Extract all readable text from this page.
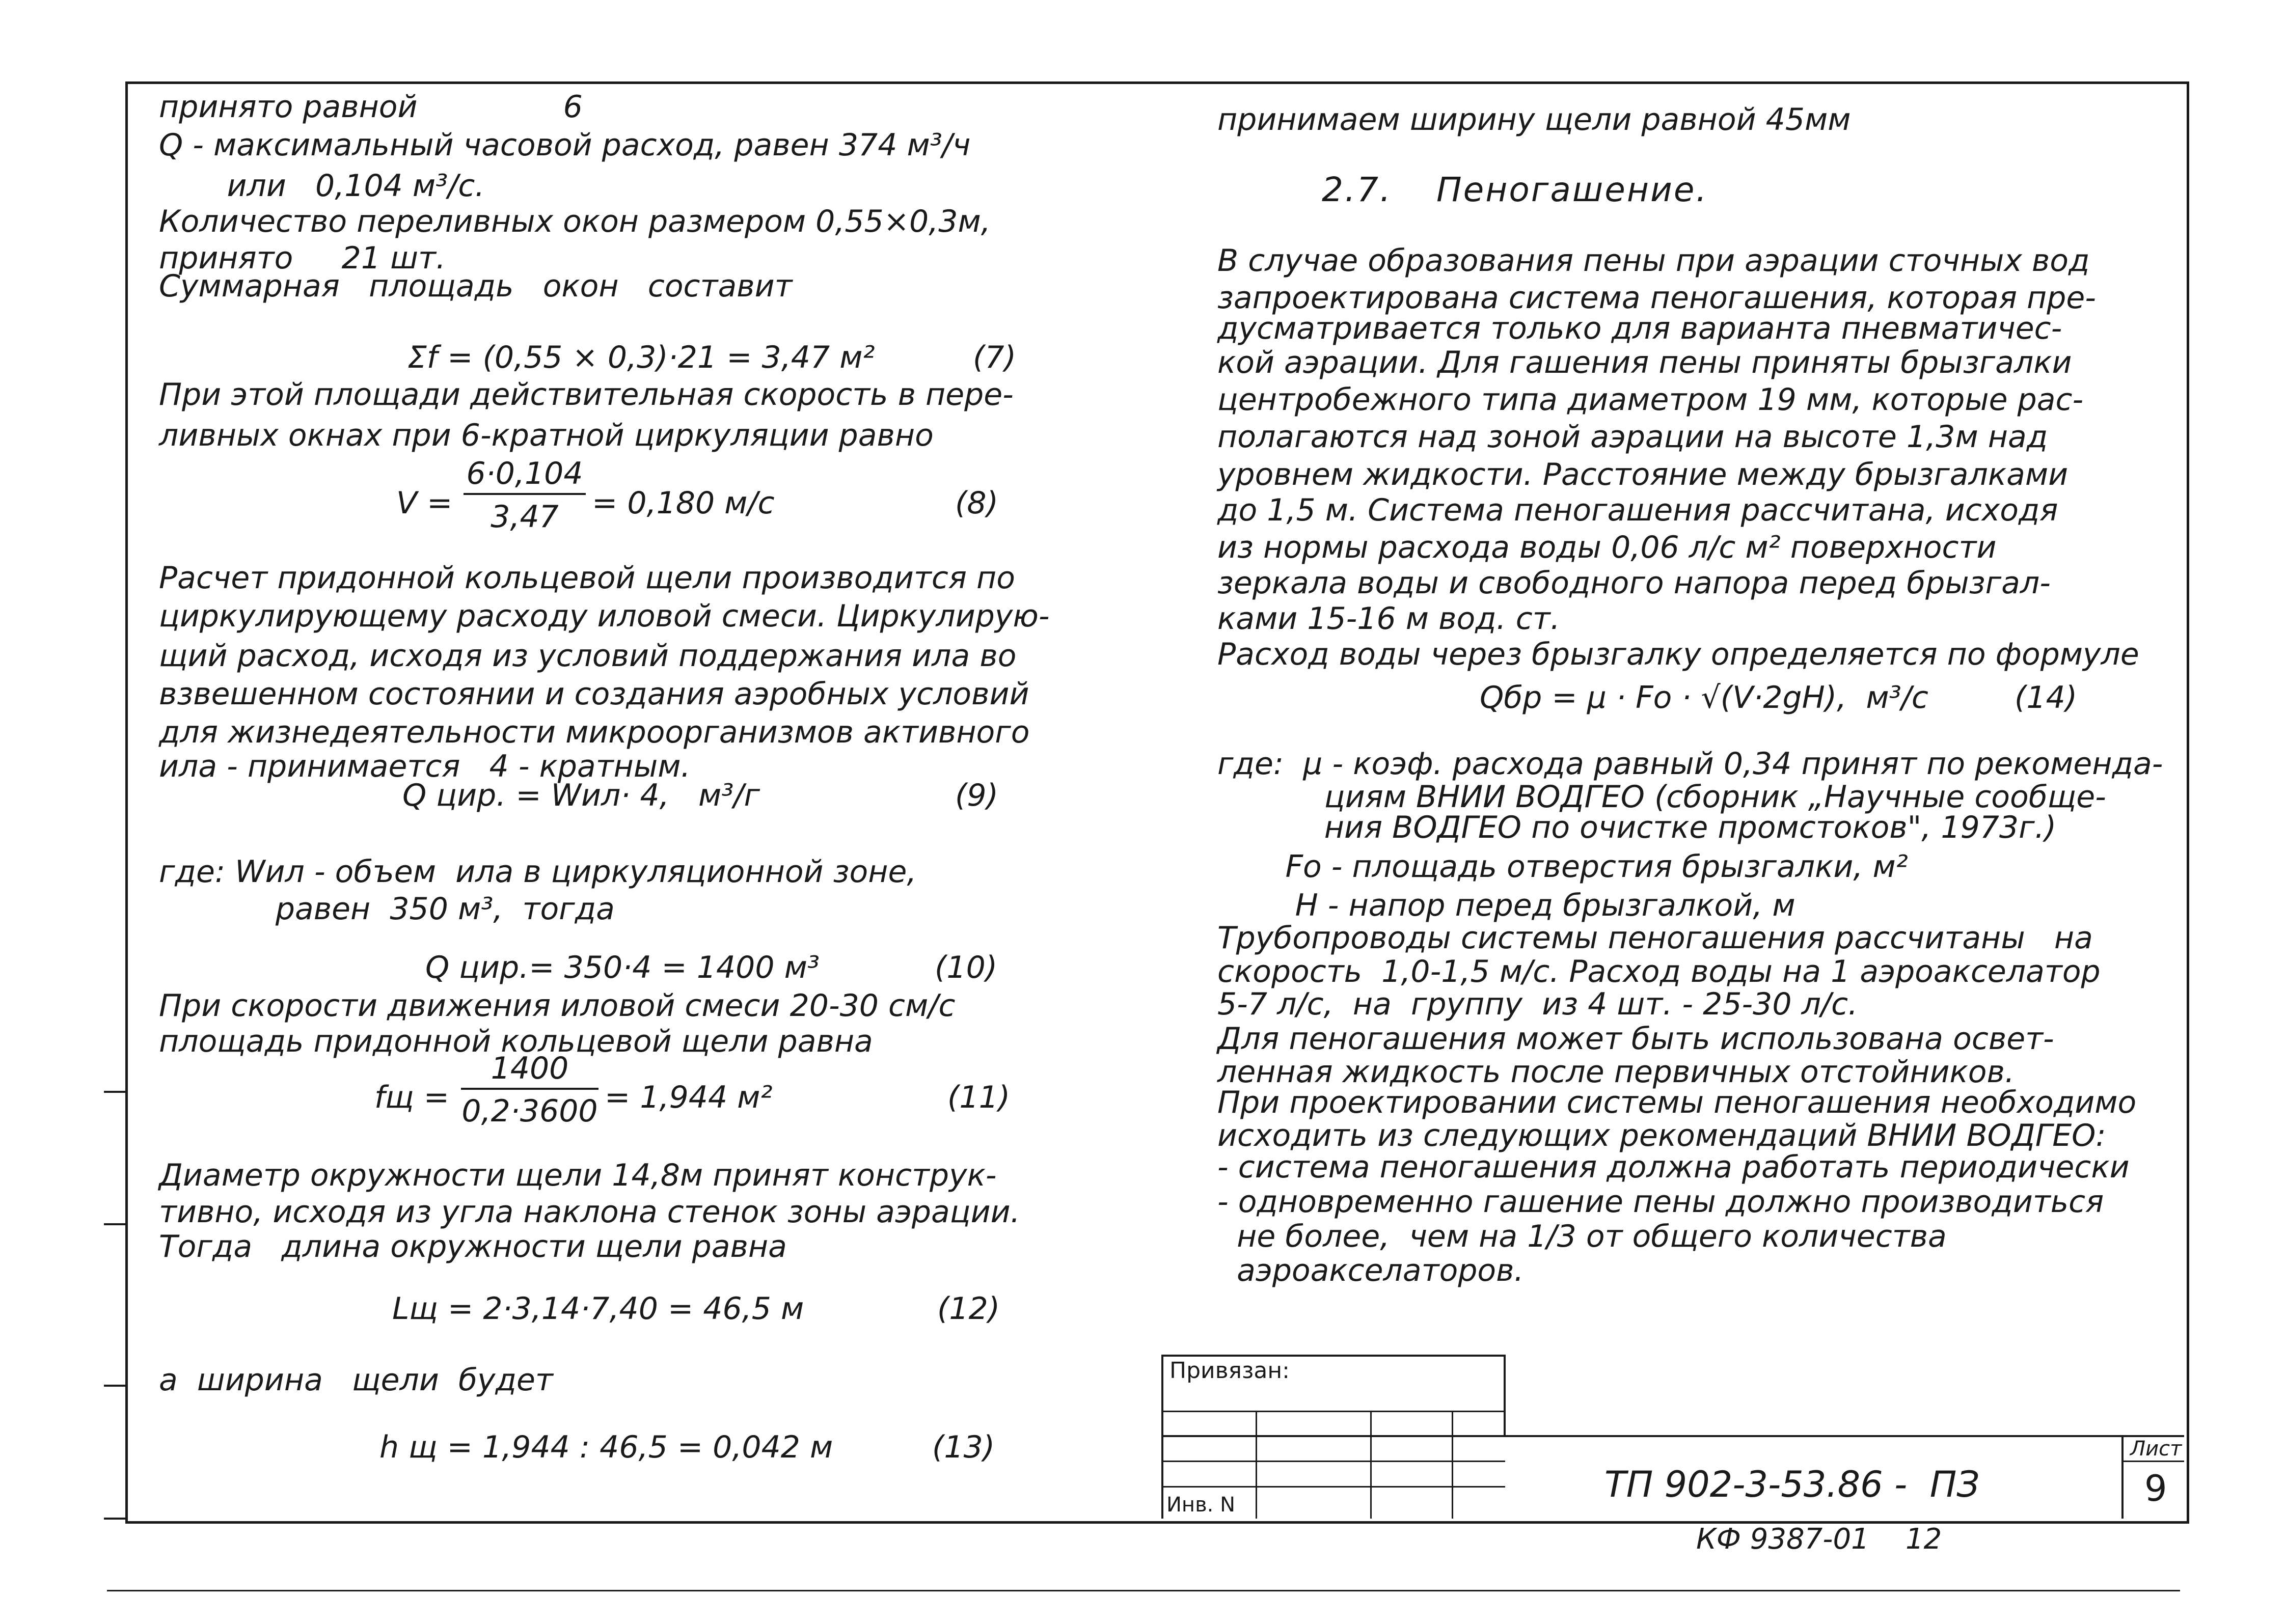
принято равной               6
Q - максимальный часовой расход, равен 374 м³/ч
или   0,104 м³/с.
Количество переливных окон размером 0,55×0,3м,
принято     21 шт.
Суммарная   площадь   окон   составит
Σf = (0,55 × 0,3)·21 = 3,47 м²	(7)
При этой площади действительная скорость в пере-
ливных окнах при 6-кратной циркуляции равно
V =
6·0,104
3,47	= 0,180 м/с	(8)
Расчет придонной кольцевой щели производится по
циркулирующему расходу иловой смеси. Циркулирую-
щий расход, исходя из условий поддержания ила во
взвешенном состоянии и создания аэробных условий
для жизнедеятельности микроорганизмов активного
ила - принимается   4 - кратным.
Q цир. = Wил· 4,   м³/г	(9)
где: Wил - объем  ила в циркуляционной зоне,
равен  350 м³,  тогда
Q цир.= 350·4 = 1400 м³	(10)
При скорости движения иловой смеси 20-30 см/с
площадь придонной кольцевой щели равна
fщ =
1400
0,2·3600 = 1,944 м²	(11)
Диаметр окружности щели 14,8м принят конструк-
тивно, исходя из угла наклона стенок зоны аэрации.
Тогда   длина окружности щели равна
Lщ = 2·3,14·7,40 = 46,5 м	(12)
а  ширина   щели  будет
h щ = 1,944 : 46,5 = 0,042 м	(13)
принимаем ширину щели равной 45мм
2.7. Пеногашение.
В случае образования пены при аэрации сточных вод
запроектирована система пеногашения, которая пре-
дусматривается только для варианта пневматичес-
кой аэрации. Для гашения пены приняты брызгалки
центробежного типа диаметром 19 мм, которые рас-
полагаются над зоной аэрации на высоте 1,3м над
уровнем жидкости. Расстояние между брызгалками
до 1,5 м. Система пеногашения рассчитана, исходя
из нормы расхода воды 0,06 л/с м² поверхности
зеркала воды и свободного напора перед брызгал-
ками 15-16 м вод. ст.
Расход воды через брызгалку определяется по формуле
Qбр = μ · Fo · √(V·2gH),  м³/с	(14)
где:  μ - коэф. расхода равный 0,34 принят по рекоменда-
циям ВНИИ ВОДГЕО (сборник „Научные сообще-
ния ВОДГЕО по очистке промстоков", 1973г.)
Fo - площадь отверстия брызгалки, м²
Н - напор перед брызгалкой, м
Трубопроводы системы пеногашения рассчитаны   на
скорость  1,0-1,5 м/с. Расход воды на 1 аэроакселатор
5-7 л/с,  на  группу  из 4 шт. - 25-30 л/с.
Для пеногашения может быть использована освет-
ленная жидкость после первичных отстойников.
При проектировании системы пеногашения необходимо
исходить из следующих рекомендаций ВНИИ ВОДГЕО:
- система пеногашения должна работать периодически
- одновременно гашение пены должно производиться
не более,  чем на 1/3 от общего количества
аэроакселаторов.
Привязан:
Инв. N	ТП 902-3-53.86 -  ПЗ
Лист
9
КФ 9387-01    12
